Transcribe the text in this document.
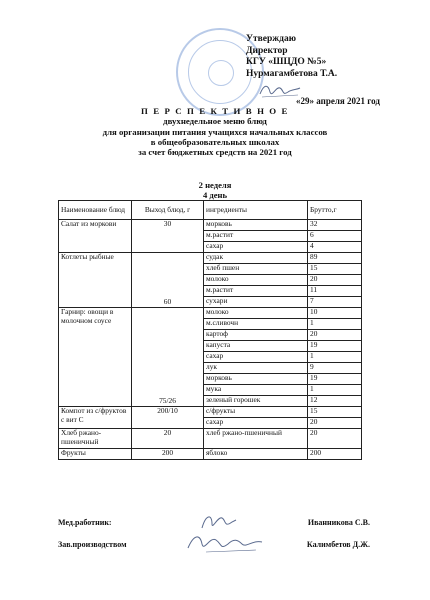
Утверждаю
Директор
КГУ «ШЦДО №5»
Нурмагамбетова Т.А.
«29» апреля 2021 год
П Е Р С П Е К Т И В Н О Е
двухнедельное меню блюд
для организации питания учащихся начальных классов
в общеобразовательных школах
за счет бюджетных средств на 2021 год
2 неделя
4 день
Наименование блюд	Выход блюд, г	ингредиенты	Брутто,г
Салат из моркови	30	морковь	32
		м.растит	6
		сахар	4
Котлеты рыбные	60	судак	89
		хлеб пшен	15
		молоко	20
		м.растит	11
		сухари	7
Гарнир: овощи в молочном соусе	75/26	молоко	10
		м.сливочн	1
		картоф	20
		капуста	19
		сахар	1
		лук	9
		морковь	19
		мука	1
		зеленый горошек	12
Компот из с/фруктов с вит С	200/10	с/фрукты	15
		сахар	20
Хлеб ржано-пшеничный	20	хлеб ржано-пшеничный	20
Фрукты	200	яблоко	200
Мед.работник:	Иванникова С.В.
Зав.производством	Калимбетов Д.Ж.
